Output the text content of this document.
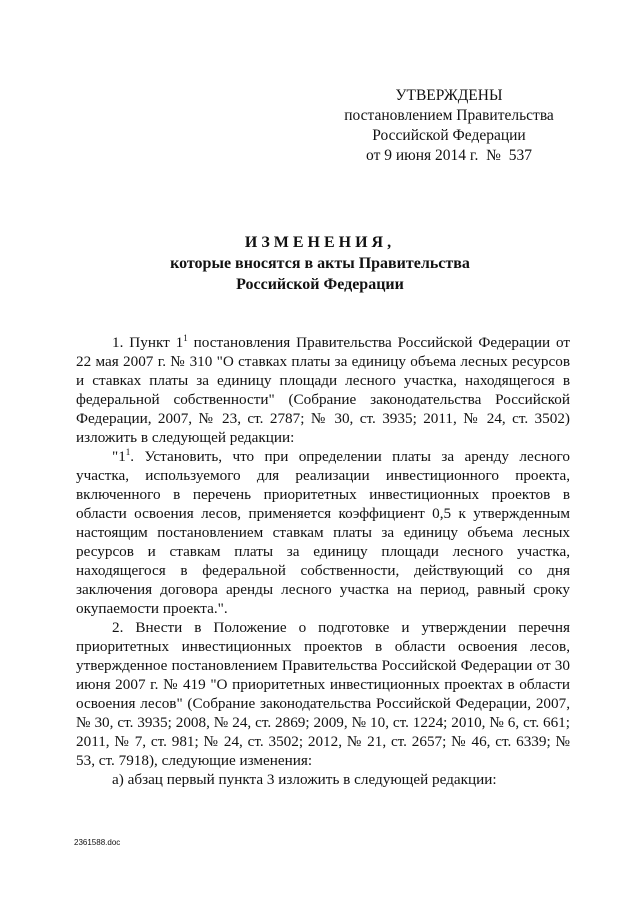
УТВЕРЖДЕНЫ
постановлением Правительства
Российской Федерации
от 9 июня 2014 г.  №  537
ИЗМЕНЕНИЯ,
которые вносятся в акты Правительства
Российской Федерации

1. Пункт $1^1$ постановления Правительства Российской Федерации от 22 мая 2007 г. № 310 "О ставках платы за единицу объема лесных ресурсов и ставках платы за единицу площади лесного участка, находящегося в федеральной собственности" (Собрание законодательства Российской Федерации, 2007, № 23, ст. 2787; № 30, ст. 3935; 2011, № 24, ст. 3502) изложить в следующей редакции:

"$1^1$. Установить, что при определении платы за аренду лесного участка, используемого для реализации инвестиционного проекта, включенного в перечень приоритетных инвестиционных проектов в области освоения лесов, применяется коэффициент 0,5 к утвержденным настоящим постановлением ставкам платы за единицу объема лесных ресурсов и ставкам платы за единицу площади лесного участка, находящегося в федеральной собственности, действующий со дня заключения договора аренды лесного участка на период, равный сроку окупаемости проекта.".

2. Внести в Положение о подготовке и утверждении перечня приоритетных инвестиционных проектов в области освоения лесов, утвержденное постановлением Правительства Российской Федерации от 30 июня 2007 г. № 419 "О приоритетных инвестиционных проектах в области освоения лесов" (Собрание законодательства Российской Федерации, 2007, № 30, ст. 3935; 2008, № 24, ст. 2869; 2009, № 10, ст. 1224; 2010, № 6, ст. 661; 2011, № 7, ст. 981; № 24, ст. 3502; 2012, № 21, ст. 2657; № 46, ст. 6339; № 53, ст. 7918), следующие изменения:

а) абзац первый пункта 3 изложить в следующей редакции:

2361588.doc
